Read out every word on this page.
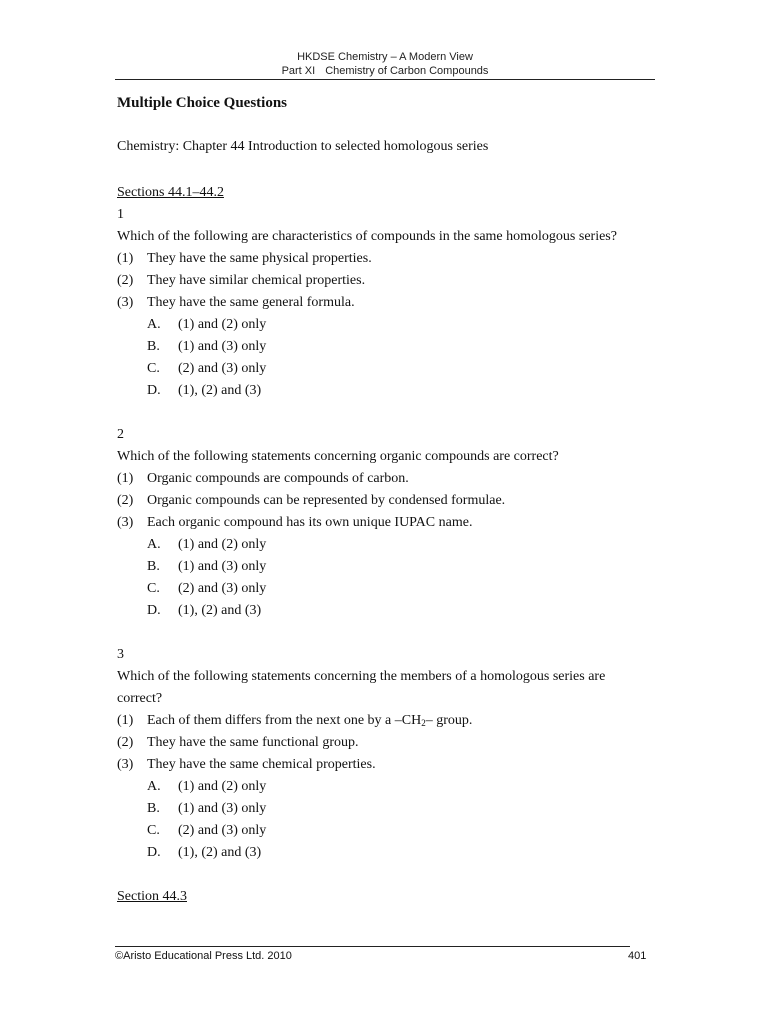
HKDSE Chemistry – A Modern View
Part XI Chemistry of Carbon Compounds
Multiple Choice Questions
Chemistry: Chapter 44 Introduction to selected homologous series
Sections 44.1–44.2
1
Which of the following are characteristics of compounds in the same homologous series?
(1) They have the same physical properties.
(2) They have similar chemical properties.
(3) They have the same general formula.
A. (1) and (2) only
B. (1) and (3) only
C. (2) and (3) only
D. (1), (2) and (3)
2
Which of the following statements concerning organic compounds are correct?
(1) Organic compounds are compounds of carbon.
(2) Organic compounds can be represented by condensed formulae.
(3) Each organic compound has its own unique IUPAC name.
A. (1) and (2) only
B. (1) and (3) only
C. (2) and (3) only
D. (1), (2) and (3)
3
Which of the following statements concerning the members of a homologous series are correct?
(1) Each of them differs from the next one by a $-CH_2-$ group.
(2) They have the same functional group.
(3) They have the same chemical properties.
A. (1) and (2) only
B. (1) and (3) only
C. (2) and (3) only
D. (1), (2) and (3)
Section 44.3
©Aristo Educational Press Ltd. 2010	401
